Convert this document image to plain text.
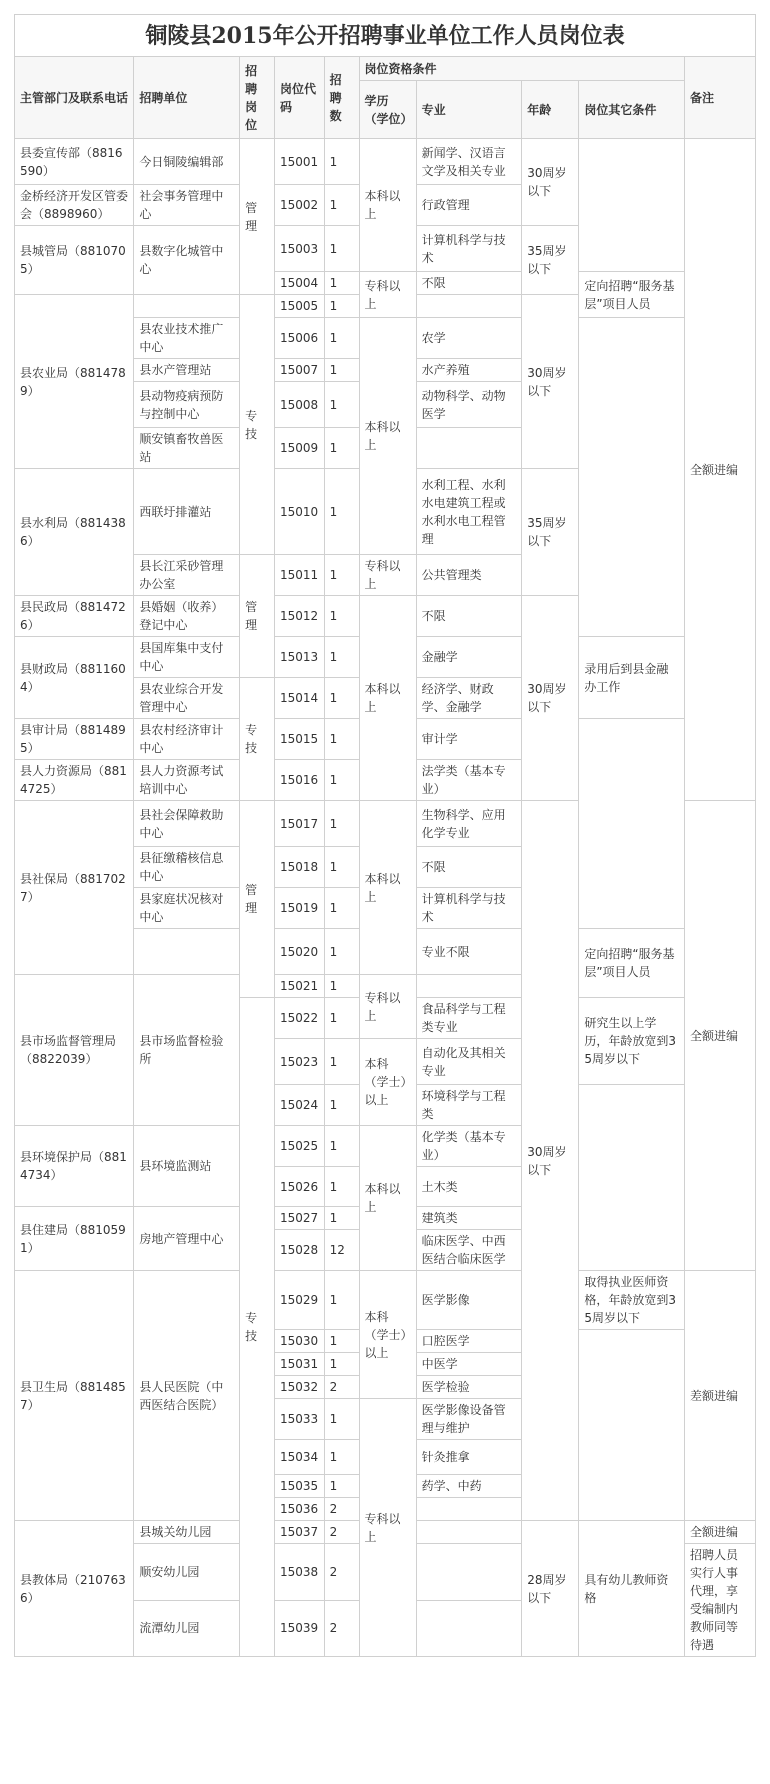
铜陵县2015年公开招聘事业单位工作人员岗位表									
主管部门及联系电话	招聘单位	招聘岗位	岗位代码	招聘数	岗位资格条件				备注
					学历（学位）	专业	年龄	岗位其它条件	
县委宣传部（8816590）	今日铜陵编辑部	管理	15001	1	本科以上	新闻学、汉语言文学及相关专业	30周岁以下		全额进编
金桥经济开发区管委会（8898960）	社会事务管理中心		15002	1		行政管理			
县城管局（8810705）	县数字化城管中心		15003	1		计算机科学与技术	35周岁以下		
			15004	1	专科以上	不限		定向招聘“服务基层”项目人员	
县农业局（8814789）		专技	15005	1			30周岁以下		
	县农业技术推广中心		15006	1	本科以上	农学			
	县水产管理站		15007	1		水产养殖			
	县动物疫病预防与控制中心		15008	1		动物科学、动物医学			
	顺安镇畜牧兽医站		15009	1					
县水利局（8814386）	西联圩排灌站		15010	1		水利工程、水利水电建筑工程或水利水电工程管理	35周岁以下		
	县长江采砂管理办公室	管理	15011	1	专科以上	公共管理类			
县民政局（8814726）	县婚姻（收养）登记中心		15012	1	本科以上	不限	30周岁以下		
县财政局（8811604）	县国库集中支付中心		15013	1		金融学		录用后到县金融办工作	
	县农业综合开发管理中心	专技	15014	1		经济学、财政学、金融学			
县审计局（8814895）	县农村经济审计中心		15015	1		审计学			
县人力资源局（8814725）	县人力资源考试培训中心		15016	1		法学类（基本专业）			
县社保局（8817027）	县社会保障救助中心	管理	15017	1	本科以上	生物科学、应用化学专业	30周岁以下		全额进编
	县征缴稽核信息中心		15018	1		不限			
	县家庭状况核对中心		15019	1		计算机科学与技术			
			15020	1		专业不限		定向招聘“服务基层”项目人员	
县市场监督管理局（8822039）	县市场监督检验所		15021	1	专科以上				
		专技	15022	1		食品科学与工程类专业		研究生以上学历，年龄放宽到35周岁以下	
			15023	1	本科（学士）以上	自动化及其相关专业			
			15024	1		环境科学与工程类			
县环境保护局（8814734）	县环境监测站		15025	1	本科以上	化学类（基本专业）			
			15026	1		土木类			
县住建局（8810591）	房地产管理中心		15027	1		建筑类			
			15028	12		临床医学、中西医结合临床医学			
县卫生局（8814857）	县人民医院（中西医结合医院）		15029	1	本科（学士）以上	医学影像		取得执业医师资格，年龄放宽到35周岁以下	差额进编
			15030	1		口腔医学			
			15031	1		中医学			
			15032	2		医学检验			
			15033	1	专科以上	医学影像设备管理与维护			
			15034	1		针灸推拿			
			15035	1		药学、中药			
			15036	2					
县教体局（2107636）	县城关幼儿园		15037	2			28周岁以下	具有幼儿教师资格	全额进编
	顺安幼儿园		15038	2					招聘人员实行人事代理，享受编制内教师同等待遇
	流潭幼儿园		15039	2					
